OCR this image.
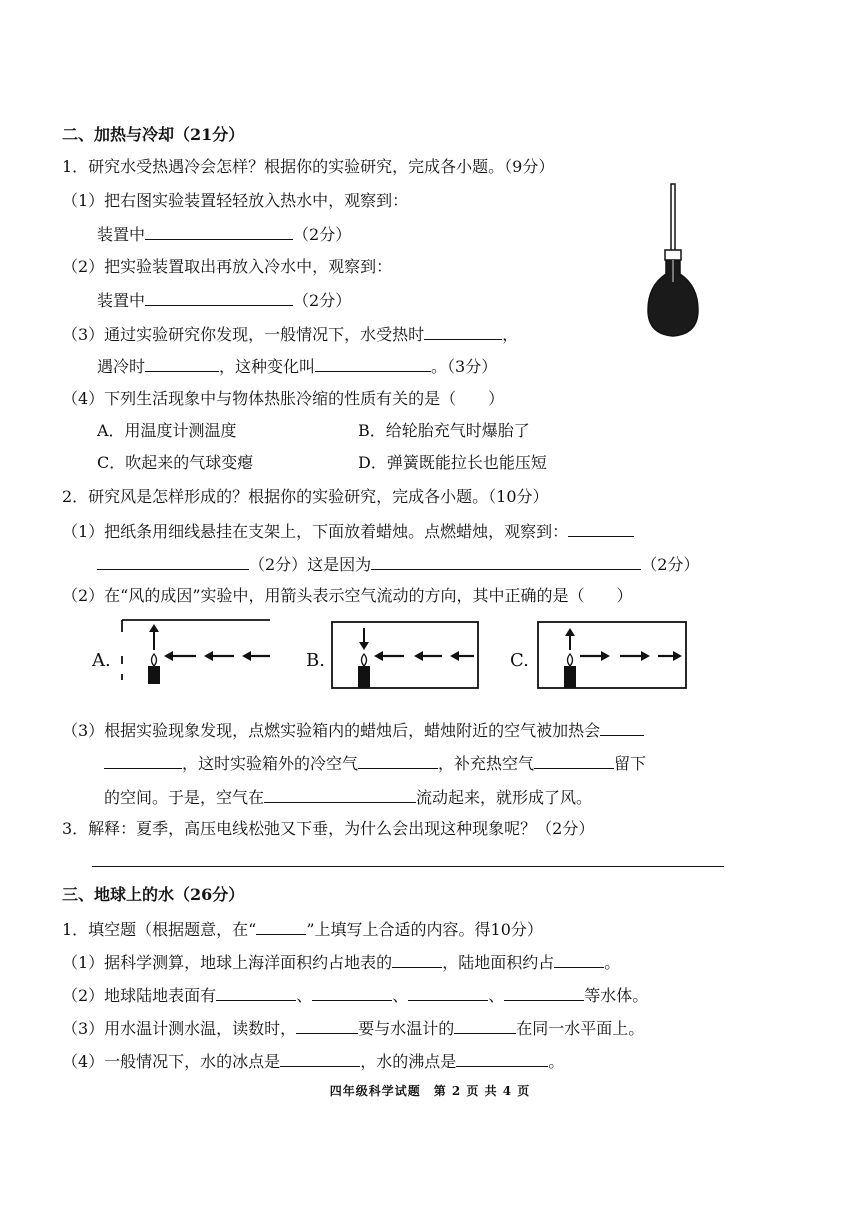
二、加热与冷却（21分）
1．研究水受热遇冷会怎样？根据你的实验研究，完成各小题。（9分）
（1）把右图实验装置轻轻放入热水中，观察到：
装置中	（2分）
（2）把实验装置取出再放入冷水中，观察到：
装置中	（2分）
（3）通过实验研究你发现，一般情况下，水受热时	，
遇冷时	，这种变化叫	。（3分）
（4）下列生活现象中与物体热胀冷缩的性质有关的是（　　）
A．用温度计测温度	B．给轮胎充气时爆胎了
C．吹起来的气球变瘪	D．弹簧既能拉长也能压短
2．研究风是怎样形成的？根据你的实验研究，完成各小题。（10分）
（1）把纸条用细线悬挂在支架上，下面放着蜡烛。点燃蜡烛，观察到：
（2分）这是因为	（2分）
（2）在“风的成因”实验中，用箭头表示空气流动的方向，其中正确的是（　　）
A.	B.	C.
（3）根据实验现象发现，点燃实验箱内的蜡烛后，蜡烛附近的空气被加热会
，这时实验箱外的冷空气	，补充热空气	留下
的空间。于是，空气在	流动起来，就形成了风。
3．解释：夏季，高压电线松弛又下垂，为什么会出现这种现象呢？（2分）
三、地球上的水（26分）
1．填空题（根据题意，在“	”上填写上合适的内容。得10分）
（1）据科学测算，地球上海洋面积约占地表的	，陆地面积约占	。
（2）地球陆地表面有	、	、	、	等水体。
（3）用水温计测水温，读数时，	要与水温计的	在同一水平面上。
（4）一般情况下，水的冰点是	，水的沸点是	。
四年级科学试题　第 2 页 共 4 页
